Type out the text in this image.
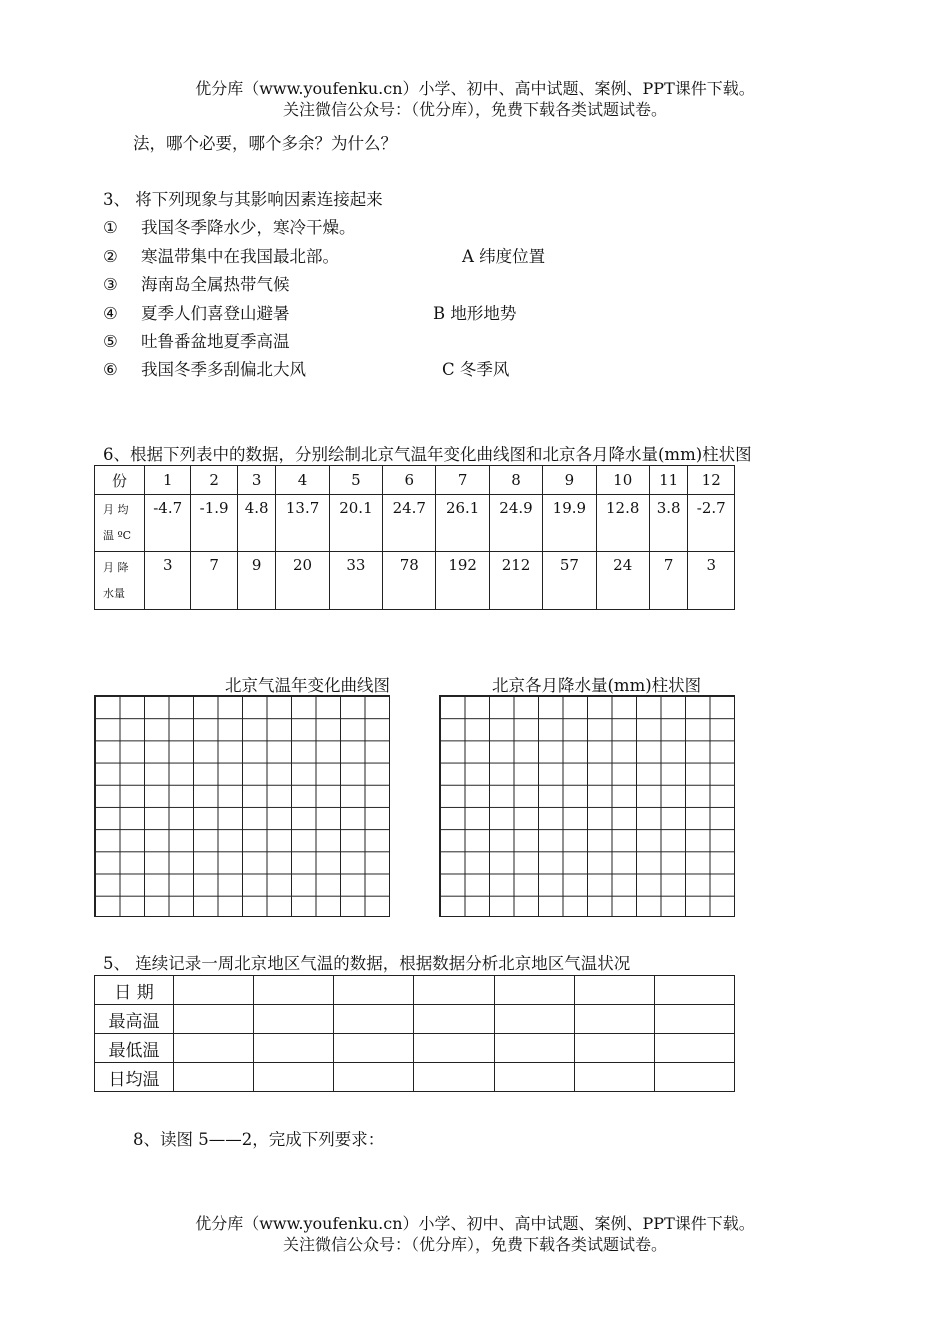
优分库（www.youfenku.cn）小学、初中、高中试题、案例、PPT课件下载。
关注微信公众号：（优分库），免费下载各类试题试卷。
法，哪个必要，哪个多余？为什么？
3、 将下列现象与其影响因素连接起来
① 我国冬季降水少，寒冷干燥。
② 寒温带集中在我国最北部。
③ 海南岛全属热带气候
④ 夏季人们喜登山避暑
⑤ 吐鲁番盆地夏季高温
⑥ 我国冬季多刮偏北大风
A 纬度位置
B 地形地势
C 冬季风
6、根据下列表中的数据，分别绘制北京气温年变化曲线图和北京各月降水量(mm)柱状图
份	1	2	3	4	5	6	7	8	9	10	11	12

月 均
温 ºC	-4.7	-1.9	4.8	13.7	20.1	24.7	26.1	24.9	19.9	12.8	3.8	-2.7

月 降
水量	3	7	9	20	33	78	192	212	57	24	7	3
北京气温年变化曲线图	北京各月降水量(mm)柱状图
5、 连续记录一周北京地区气温的数据，根据数据分析北京地区气温状况
日 期							
最高温							
最低温							
日均温							
8、读图 5——2，完成下列要求：
优分库（www.youfenku.cn）小学、初中、高中试题、案例、PPT课件下载。
关注微信公众号：（优分库），免费下载各类试题试卷。
